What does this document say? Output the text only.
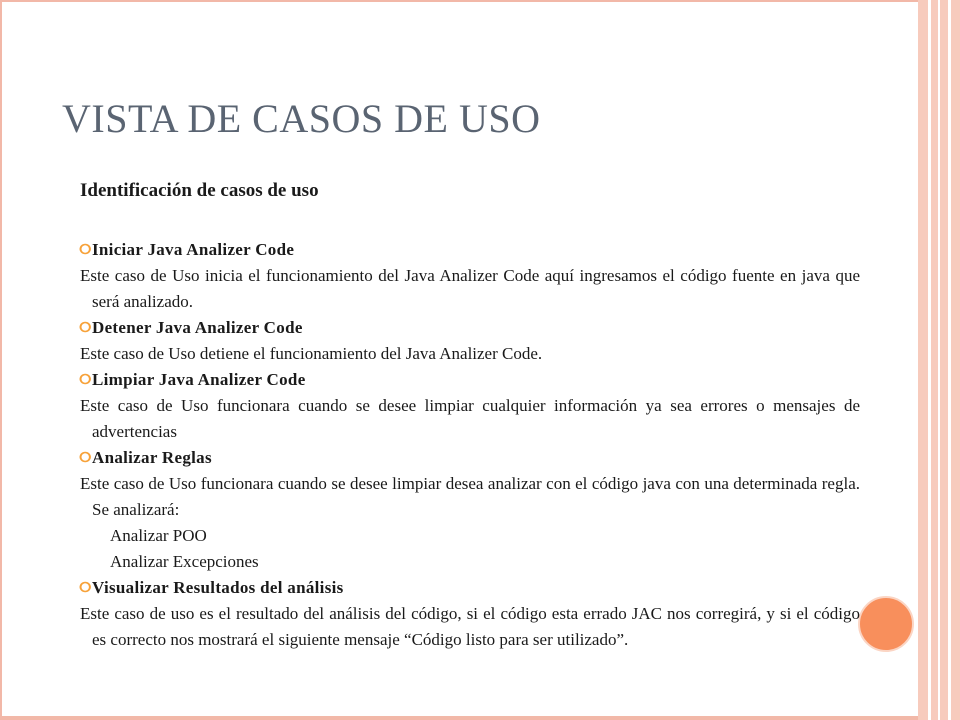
VISTA DE CASOS DE USO
Identificación de casos de uso
ⵔ Iniciar Java Analizer Code

Este caso de Uso inicia el funcionamiento del Java Analizer Code aquí ingresamos el código fuente en java que será analizado.

ⵔ Detener Java Analizer Code

Este caso de Uso detiene el funcionamiento del Java Analizer Code.

ⵔ Limpiar Java Analizer Code

Este caso de Uso funcionara cuando se desee limpiar cualquier información ya sea errores o mensajes de advertencias

ⵔ Analizar Reglas

Este caso de Uso funcionara cuando se desee limpiar desea analizar con el código java con una determinada regla. Se analizará:

Analizar POO

Analizar Excepciones

ⵔ Visualizar Resultados del análisis

Este caso de uso es el resultado del análisis del código, si el código esta errado JAC nos corregirá, y si el código es correcto nos mostrará el siguiente mensaje “Código listo para ser utilizado”.
